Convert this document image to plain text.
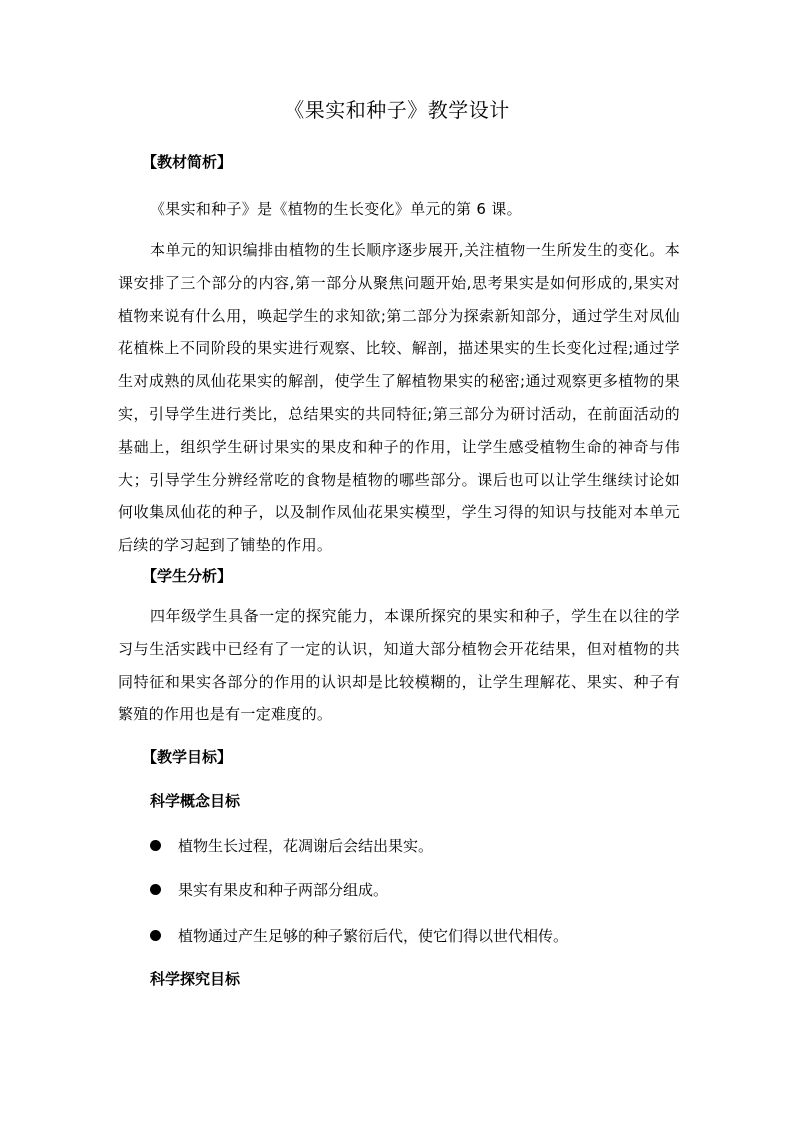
《果实和种子》教学设计
【教材简析】

《果实和种子》是《植物的生长变化》单元的第 6 课。

本单元的知识编排由植物的生长顺序逐步展开,关注植物一生所发生的变化。本课安排了三个部分的内容,第一部分从聚焦问题开始,思考果实是如何形成的,果实对植物来说有什么用，唤起学生的求知欲;第二部分为探索新知部分，通过学生对凤仙花植株上不同阶段的果实进行观察、比较、解剖，描述果实的生长变化过程;通过学生对成熟的凤仙花果实的解剖，使学生了解植物果实的秘密;通过观察更多植物的果实，引导学生进行类比，总结果实的共同特征;第三部分为研讨活动，在前面活动的基础上，组织学生研讨果实的果皮和种子的作用，让学生感受植物生命的神奇与伟大；引导学生分辨经常吃的食物是植物的哪些部分。课后也可以让学生继续讨论如何收集凤仙花的种子，以及制作凤仙花果实模型，学生习得的知识与技能对本单元后续的学习起到了铺垫的作用。

【学生分析】

四年级学生具备一定的探究能力，本课所探究的果实和种子，学生在以往的学习与生活实践中已经有了一定的认识，知道大部分植物会开花结果，但对植物的共同特征和果实各部分的作用的认识却是比较模糊的，让学生理解花、果实、种子有繁殖的作用也是有一定难度的。

【教学目标】
科学概念目标
植物生长过程，花凋谢后会结出果实。
果实有果皮和种子两部分组成。
植物通过产生足够的种子繁衍后代，使它们得以世代相传。
科学探究目标
